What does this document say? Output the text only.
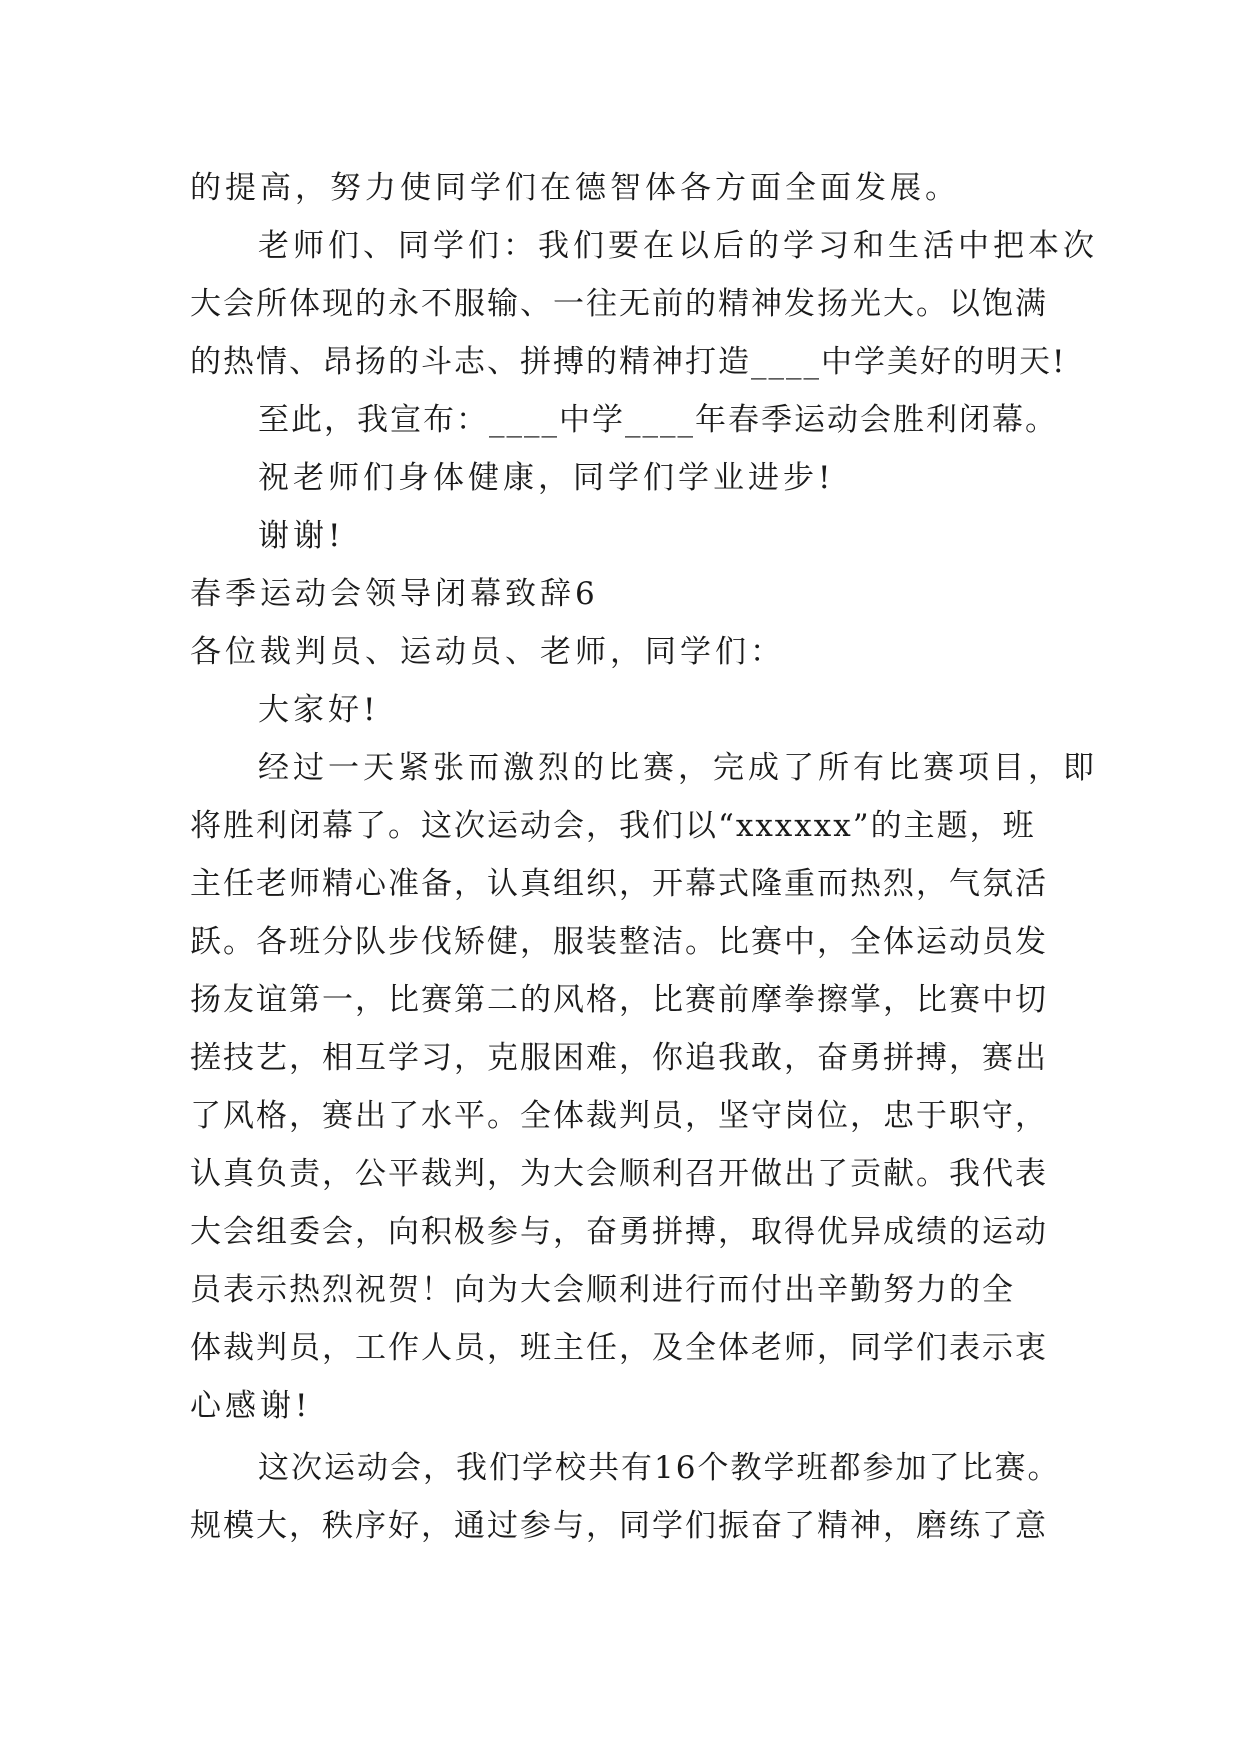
的提高，努力使同学们在德智体各方面全面发展。
老师们、同学们：我们要在以后的学习和生活中把本次
大会所体现的永不服输、一往无前的精神发扬光大。以饱满
的热情、昂扬的斗志、拼搏的精神打造____中学美好的明天!
至此，我宣布：____中学____年春季运动会胜利闭幕。
祝老师们身体健康，同学们学业进步!
谢谢!
春季运动会领导闭幕致辞6
各位裁判员、运动员、老师，同学们：
大家好!
经过一天紧张而激烈的比赛，完成了所有比赛项目，即
将胜利闭幕了。这次运动会，我们以“xxxxxx”的主题，班
主任老师精心准备，认真组织，开幕式隆重而热烈，气氛活
跃。各班分队步伐矫健，服装整洁。比赛中，全体运动员发
扬友谊第一，比赛第二的风格，比赛前摩拳擦掌，比赛中切
搓技艺，相互学习，克服困难，你追我敢，奋勇拼搏，赛出
了风格，赛出了水平。全体裁判员，坚守岗位，忠于职守，
认真负责，公平裁判，为大会顺利召开做出了贡献。我代表
大会组委会，向积极参与，奋勇拼搏，取得优异成绩的运动
员表示热烈祝贺！向为大会顺利进行而付出辛勤努力的全
体裁判员，工作人员，班主任，及全体老师，同学们表示衷
心感谢!
这次运动会，我们学校共有16个教学班都参加了比赛。
规模大，秩序好，通过参与，同学们振奋了精神，磨练了意
